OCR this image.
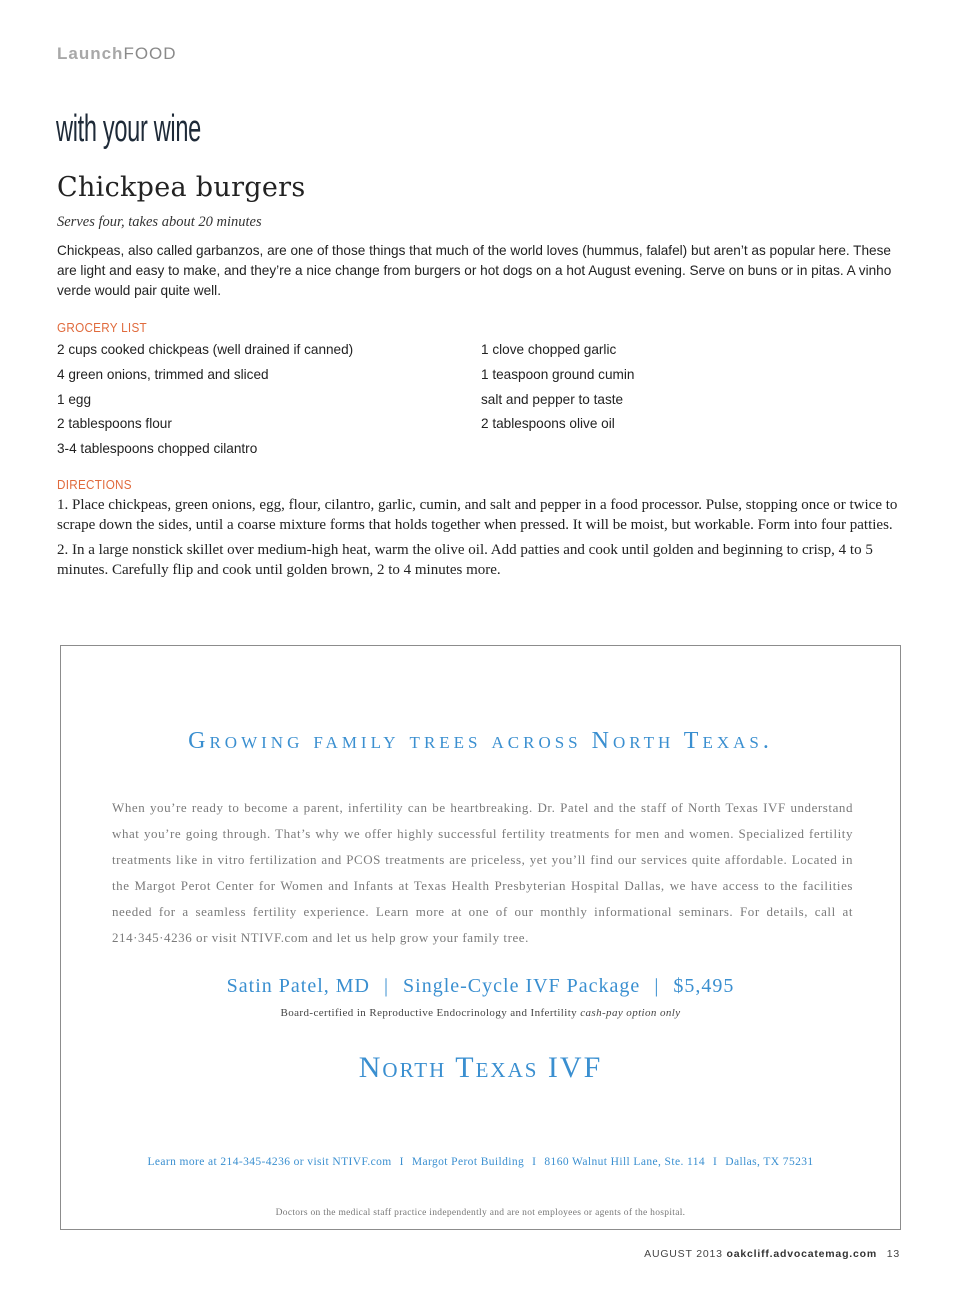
LaunchFOOD
with your wine
Chickpea burgers
Serves four, takes about 20 minutes

Chickpeas, also called garbanzos, are one of those things that much of the world loves (hummus, falafel) but aren’t as popular here. These are light and easy to make, and they’re a nice change from burgers or hot dogs on a hot August evening. Serve on buns or in pitas. A vinho verde would pair quite well.

GROCERY LIST
2 cups cooked chickpeas (well drained if canned)
4 green onions, trimmed and sliced
1 egg
2 tablespoons flour
3-4 tablespoons chopped cilantro
1 clove chopped garlic
1 teaspoon ground cumin
salt and pepper to taste
2 tablespoons olive oil
DIRECTIONS

1. Place chickpeas, green onions, egg, flour, cilantro, garlic, cumin, and salt and pepper in a food processor. Pulse, stopping once or twice to scrape down the sides, until a coarse mixture forms that holds together when pressed. It will be moist, but workable. Form into four patties.

2. In a large nonstick skillet over medium-high heat, warm the olive oil. Add patties and cook until golden and beginning to crisp, 4 to 5 minutes. Carefully flip and cook until golden brown, 2 to 4 minutes more.

Growing family trees across North Texas.

When you’re ready to become a parent, infertility can be heartbreaking. Dr. Patel and the staff of North Texas IVF understand what you’re going through. That’s why we offer highly successful fertility treatments for men and women. Specialized fertility treatments like in vitro fertilization and PCOS treatments are priceless, yet you’ll find our services quite affordable. Located in the Margot Perot Center for Women and Infants at Texas Health Presbyterian Hospital Dallas, we have access to the facilities needed for a seamless fertility experience. Learn more at one of our monthly informational seminars. For details, call at 214·345·4236 or visit NTIVF.com and let us help grow your family tree.

Satin Patel, MD | Single-Cycle IVF Package | $5,495
Board-certified in Reproductive Endocrinology and Infertility cash-pay option only
North Texas IVF
Learn more at 214-345-4236 or visit NTIVF.com I Margot Perot Building I 8160 Walnut Hill Lane, Ste. 114 I Dallas, TX 75231
Doctors on the medical staff practice independently and are not employees or agents of the hospital.
AUGUST 2013 oakcliff.advocatemag.com 13
